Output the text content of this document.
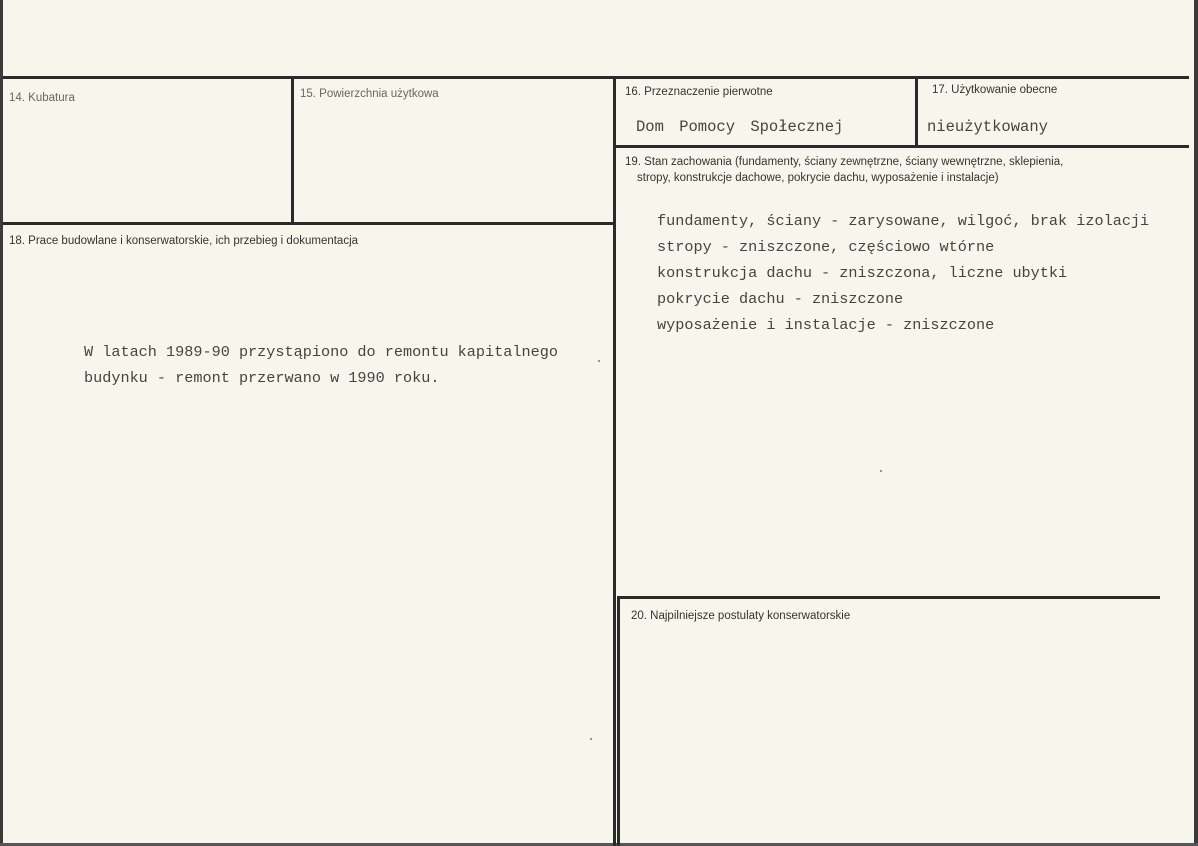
14. Kubatura	15. Powierzchnia użytkowa	16. Przeznaczenie pierwotne
Dom Pomocy Społecznej
17. Użytkowanie obecne
nieużytkowany
18. Prace budowlane i konserwatorskie, ich przebieg i dokumentacja
W latach 1989-90 przystąpiono do remontu kapitalnego
budynku - remont przerwano w 1990 roku.
19. Stan zachowania (fundamenty, ściany zewnętrzne, ściany wewnętrzne, sklepienia,
stropy, konstrukcje dachowe, pokrycie dachu, wyposażenie i instalacje)
fundamenty, ściany - zarysowane, wilgoć, brak izolacji
stropy - zniszczone, częściowo wtórne
konstrukcja dachu - zniszczona, liczne ubytki
pokrycie dachu - zniszczone
wyposażenie i instalacje - zniszczone
20. Najpilniejsze postulaty konserwatorskie
